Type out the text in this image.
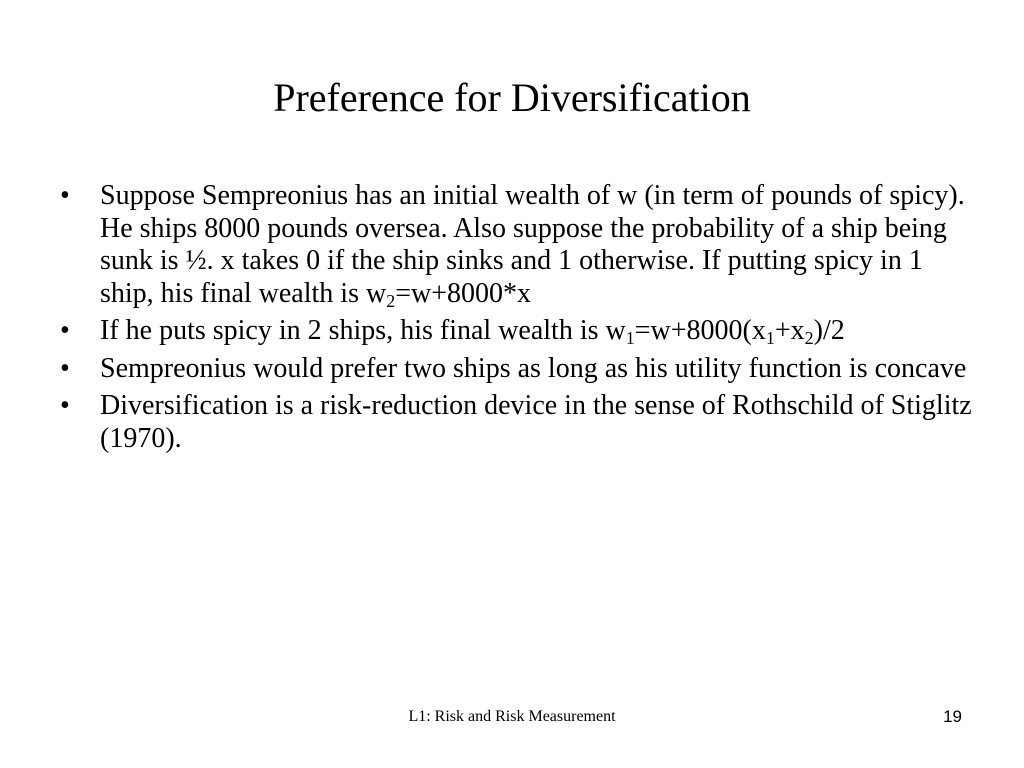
Preference for Diversification
•	Suppose Sempreonius has an initial wealth of w (in term of pounds of spicy). He ships 8000 pounds oversea. Also suppose the probability of a ship being sunk is ½. x takes 0 if the ship sinks and 1 otherwise. If putting spicy in 1 ship, his final wealth is $w_2=w+8000*x$
•	If he puts spicy in 2 ships, his final wealth is $w_1=w+8000(x_1+x_2)/2$
•	Sempreonius would prefer two ships as long as his utility function is concave
•	Diversification is a risk-reduction device in the sense of Rothschild of Stiglitz (1970).
L1: Risk and Risk Measurement	19
